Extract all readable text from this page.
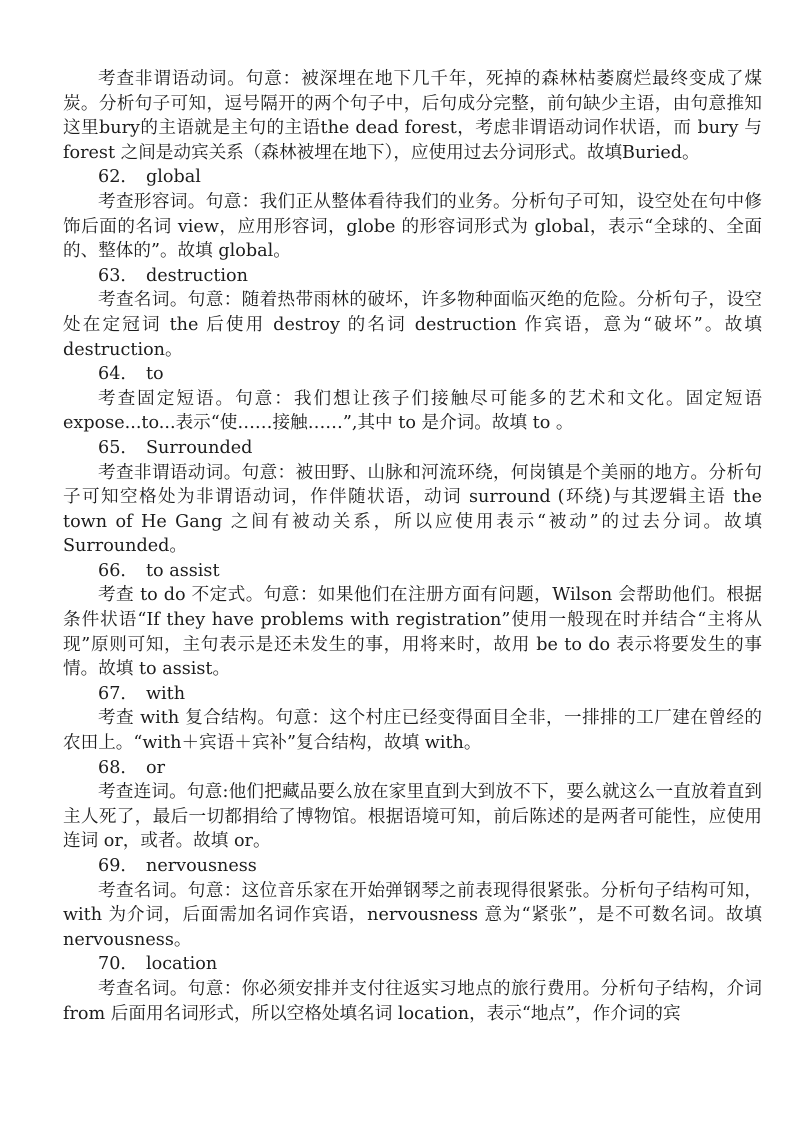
考查非谓语动词。句意：被深埋在地下几千年，死掉的森林枯萎腐烂最终变成了煤炭。分析句子可知，逗号隔开的两个句子中，后句成分完整，前句缺少主语，由句意推知这里bury的主语就是主句的主语the dead forest，考虑非谓语动词作状语，而 bury 与 forest 之间是动宾关系（森林被埋在地下），应使用过去分词形式。故填Buried。

62． global

考查形容词。句意：我们正从整体看待我们的业务。分析句子可知，设空处在句中修饰后面的名词 view，应用形容词，globe 的形容词形式为 global，表示“全球的、全面的、整体的”。故填 global。

63． destruction

考查名词。句意：随着热带雨林的破坏，许多物种面临灭绝的危险。分析句子，设空处在定冠词 the 后使用 destroy 的名词 destruction 作宾语，意为“破坏”。故填 destruction。

64． to

考查固定短语。句意：我们想让孩子们接触尽可能多的艺术和文化。固定短语 expose...to...表示“使……接触……”,其中 to 是介词。故填 to 。

65． Surrounded

考查非谓语动词。句意：被田野、山脉和河流环绕，何岗镇是个美丽的地方。分析句子可知空格处为非谓语动词，作伴随状语，动词 surround (环绕)与其逻辑主语 the town of He Gang 之间有被动关系，所以应使用表示“被动”的过去分词。故填 Surrounded。

66． to assist

考查 to do 不定式。句意：如果他们在注册方面有问题，Wilson 会帮助他们。根据条件状语“If they have problems with registration”使用一般现在时并结合“主将从现”原则可知，主句表示是还未发生的事，用将来时，故用 be to do 表示将要发生的事情。故填 to assist。

67． with

考查 with 复合结构。句意：这个村庄已经变得面目全非，一排排的工厂建在曾经的农田上。“with＋宾语＋宾补”复合结构，故填 with。

68． or

考查连词。句意:他们把藏品要么放在家里直到大到放不下，要么就这么一直放着直到主人死了，最后一切都捐给了博物馆。根据语境可知，前后陈述的是两者可能性，应使用连词 or，或者。故填 or。

69． nervousness

考查名词。句意：这位音乐家在开始弹钢琴之前表现得很紧张。分析句子结构可知，with 为介词，后面需加名词作宾语，nervousness 意为“紧张”，是不可数名词。故填 nervousness。

70． location

考查名词。句意：你必须安排并支付往返实习地点的旅行费用。分析句子结构，介词 from 后面用名词形式，所以空格处填名词 location，表示“地点”，作介词的宾
